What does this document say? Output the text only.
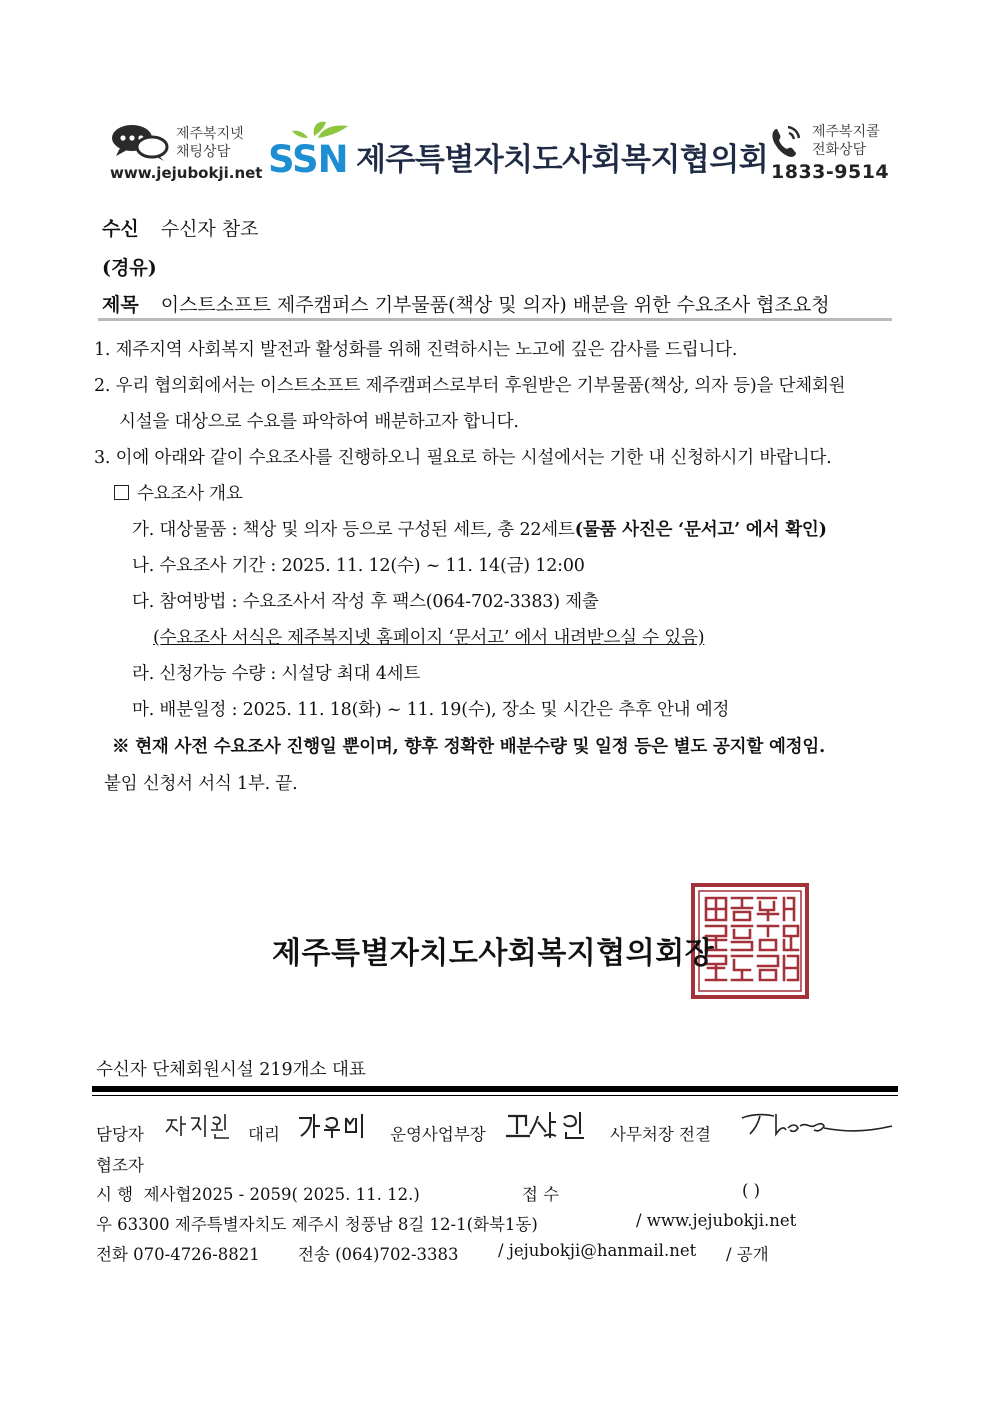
제주복지넷
채팅상담
www.jejubokji.net SSN 제주특별자치도사회복지협의회
제주복지콜
전화상담
1833-9514
수신 수신자 참조
(경유)
제목 이스트소프트 제주캠퍼스 기부물품(책상 및 의자) 배분을 위한 수요조사 협조요청
1. 제주지역 사회복지 발전과 활성화를 위해 진력하시는 노고에 깊은 감사를 드립니다.
2. 우리 협의회에서는 이스트소프트 제주캠퍼스로부터 후원받은 기부물품(책상, 의자 등)을 단체회원
시설을 대상으로 수요를 파악하여 배분하고자 합니다.
3. 이에 아래와 같이 수요조사를 진행하오니 필요로 하는 시설에서는 기한 내 신청하시기 바랍니다.
수요조사 개요
가. 대상물품 : 책상 및 의자 등으로 구성된 세트, 총 22세트(물품 사진은 ‘문서고’ 에서 확인)
나. 수요조사 기간 : 2025. 11. 12(수) ~ 11. 14(금) 12:00
다. 참여방법 : 수요조사서 작성 후 팩스(064-702-3383) 제출
(수요조사 서식은 제주복지넷 홈페이지 ‘문서고’ 에서 내려받으실 수 있음)
라. 신청가능 수량 : 시설당 최대 4세트
마. 배분일정 : 2025. 11. 18(화) ~ 11. 19(수), 장소 및 시간은 추후 안내 예정
※ 현재 사전 수요조사 진행일 뿐이며, 향후 정확한 배분수량 및 일정 등은 별도 공지할 예정임.
붙임 신청서 서식 1부. 끝.
제주특별자치도사회복지협의회장
수신자 단체회원시설 219개소 대표
담당자	대리	운영사업부장	사무처장 전결
협조자
시 행 제사협2025 - 2059( 2025. 11. 12.)	접 수	( )
우 63300 제주특별자치도 제주시 청풍남 8길 12-1(화북1동)	/ www.jejubokji.net
전화 070-4726-8821 전송 (064)702-3383 / jejubokji@hanmail.net / 공개
